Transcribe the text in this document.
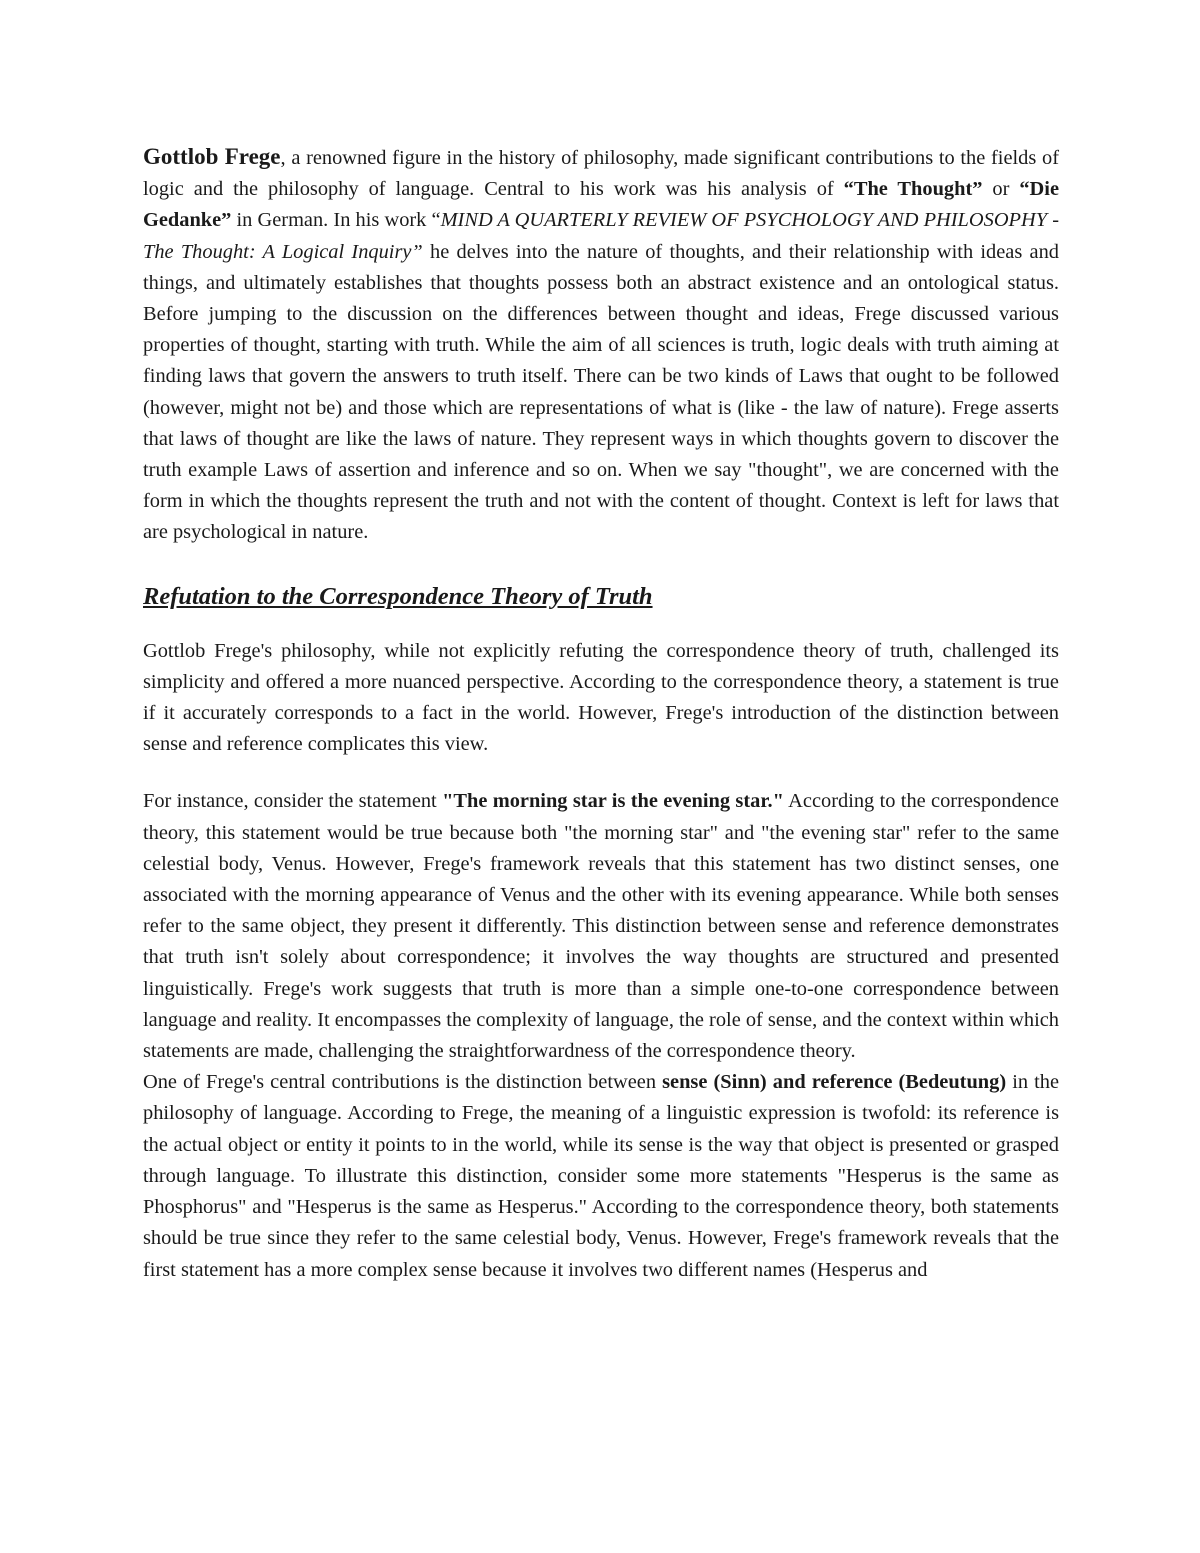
Gottlob Frege, a renowned figure in the history of philosophy, made significant contributions to the fields of logic and the philosophy of language. Central to his work was his analysis of “The Thought” or “Die Gedanke” in German. In his work “MIND A QUARTERLY REVIEW OF PSYCHOLOGY AND PHILOSOPHY - The Thought: A Logical Inquiry” he delves into the nature of thoughts, and their relationship with ideas and things, and ultimately establishes that thoughts possess both an abstract existence and an ontological status. Before jumping to the discussion on the differences between thought and ideas, Frege discussed various properties of thought, starting with truth. While the aim of all sciences is truth, logic deals with truth aiming at finding laws that govern the answers to truth itself. There can be two kinds of Laws that ought to be followed (however, might not be) and those which are representations of what is (like - the law of nature). Frege asserts that laws of thought are like the laws of nature. They represent ways in which thoughts govern to discover the truth example Laws of assertion and inference and so on. When we say "thought", we are concerned with the form in which the thoughts represent the truth and not with the content of thought. Context is left for laws that are psychological in nature.

Refutation to the Correspondence Theory of Truth

Gottlob Frege's philosophy, while not explicitly refuting the correspondence theory of truth, challenged its simplicity and offered a more nuanced perspective. According to the correspondence theory, a statement is true if it accurately corresponds to a fact in the world. However, Frege's introduction of the distinction between sense and reference complicates this view.

For instance, consider the statement "The morning star is the evening star." According to the correspondence theory, this statement would be true because both "the morning star" and "the evening star" refer to the same celestial body, Venus. However, Frege's framework reveals that this statement has two distinct senses, one associated with the morning appearance of Venus and the other with its evening appearance. While both senses refer to the same object, they present it differently. This distinction between sense and reference demonstrates that truth isn't solely about correspondence; it involves the way thoughts are structured and presented linguistically. Frege's work suggests that truth is more than a simple one-to-one correspondence between language and reality. It encompasses the complexity of language, the role of sense, and the context within which statements are made, challenging the straightforwardness of the correspondence theory.

One of Frege's central contributions is the distinction between sense (Sinn) and reference (Bedeutung) in the philosophy of language. According to Frege, the meaning of a linguistic expression is twofold: its reference is the actual object or entity it points to in the world, while its sense is the way that object is presented or grasped through language. To illustrate this distinction, consider some more statements "Hesperus is the same as Phosphorus" and "Hesperus is the same as Hesperus." According to the correspondence theory, both statements should be true since they refer to the same celestial body, Venus. However, Frege's framework reveals that the first statement has a more complex sense because it involves two different names (Hesperus and
